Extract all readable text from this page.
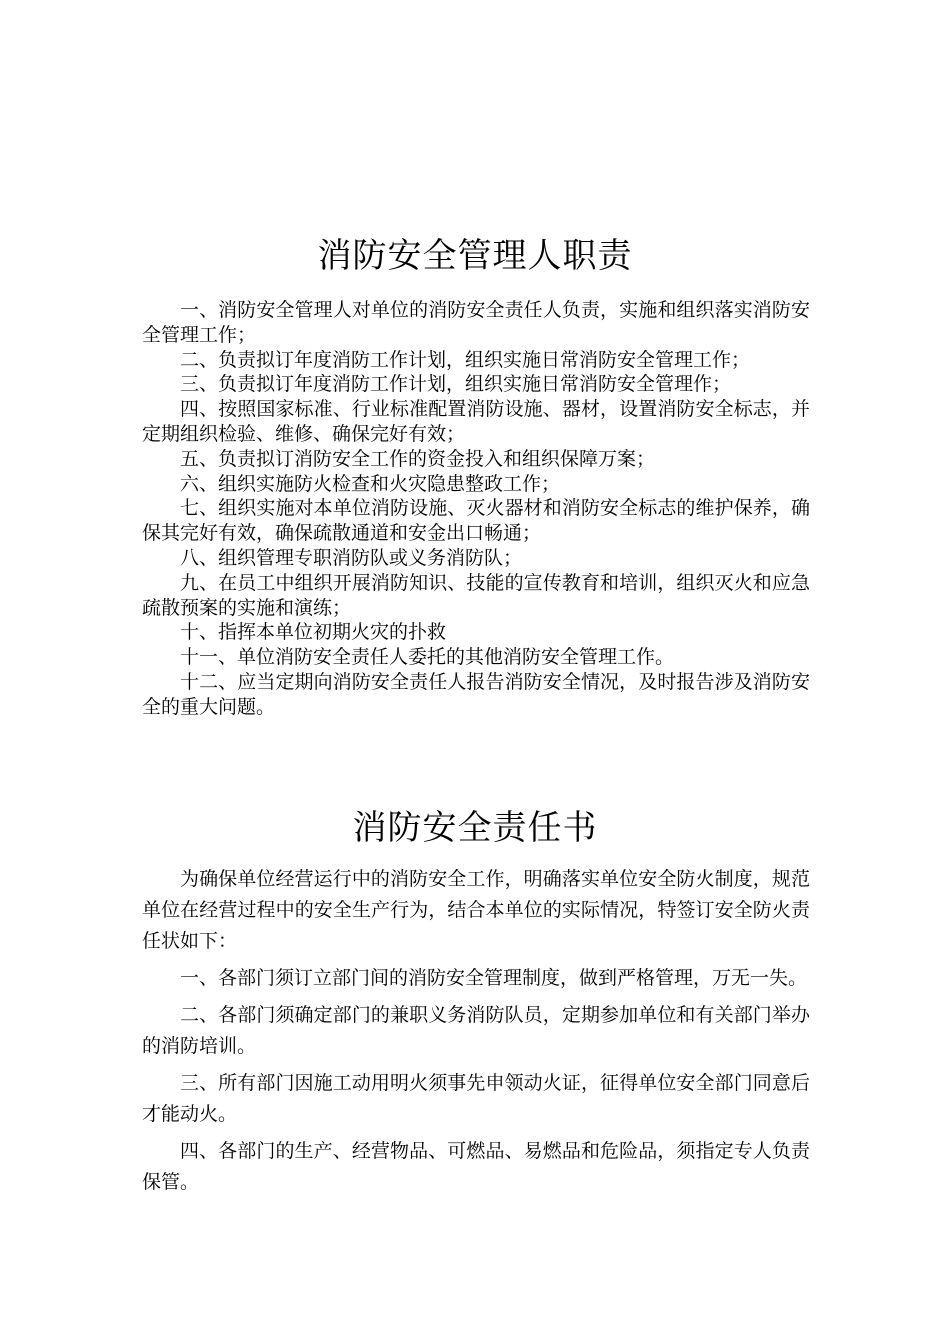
消防安全管理人职责

一、消防安全管理人对单位的消防安全责任人负责，实施和组织落实消防安全管理工作；

二、负责拟订年度消防工作计划，组织实施日常消防安全管理工作；

三、负责拟订年度消防工作计划，组织实施日常消防安全管理作；

四、按照国家标准、行业标准配置消防设施、器材，设置消防安全标志，并定期组织检验、维修、确保完好有效；

五、负责拟订消防安全工作的资金投入和组织保障万案；

六、组织实施防火检查和火灾隐患整政工作；

七、组织实施对本单位消防设施、灭火器材和消防安全标志的维护保养，确保其完好有效，确保疏散通道和安金出口畅通；

八、组织管理专职消防队或义务消防队；

九、在员工中组织开展消防知识、技能的宣传教育和培训，组织灭火和应急疏散预案的实施和演练；

十、指挥本单位初期火灾的扑救

十一、单位消防安全责任人委托的其他消防安全管理工作。

十二、应当定期向消防安全责任人报告消防安全情况，及时报告涉及消防安全的重大问题。

消防安全责任书

为确保单位经营运行中的消防安全工作，明确落实单位安全防火制度，规范单位在经营过程中的安全生产行为，结合本单位的实际情况，特签订安全防火责任状如下：

一、各部门须订立部门间的消防安全管理制度，做到严格管理，万无一失。

二、各部门须确定部门的兼职义务消防队员，定期参加单位和有关部门举办的消防培训。

三、所有部门因施工动用明火须事先申领动火证，征得单位安全部门同意后才能动火。

四、各部门的生产、经营物品、可燃品、易燃品和危险品，须指定专人负责保管。
